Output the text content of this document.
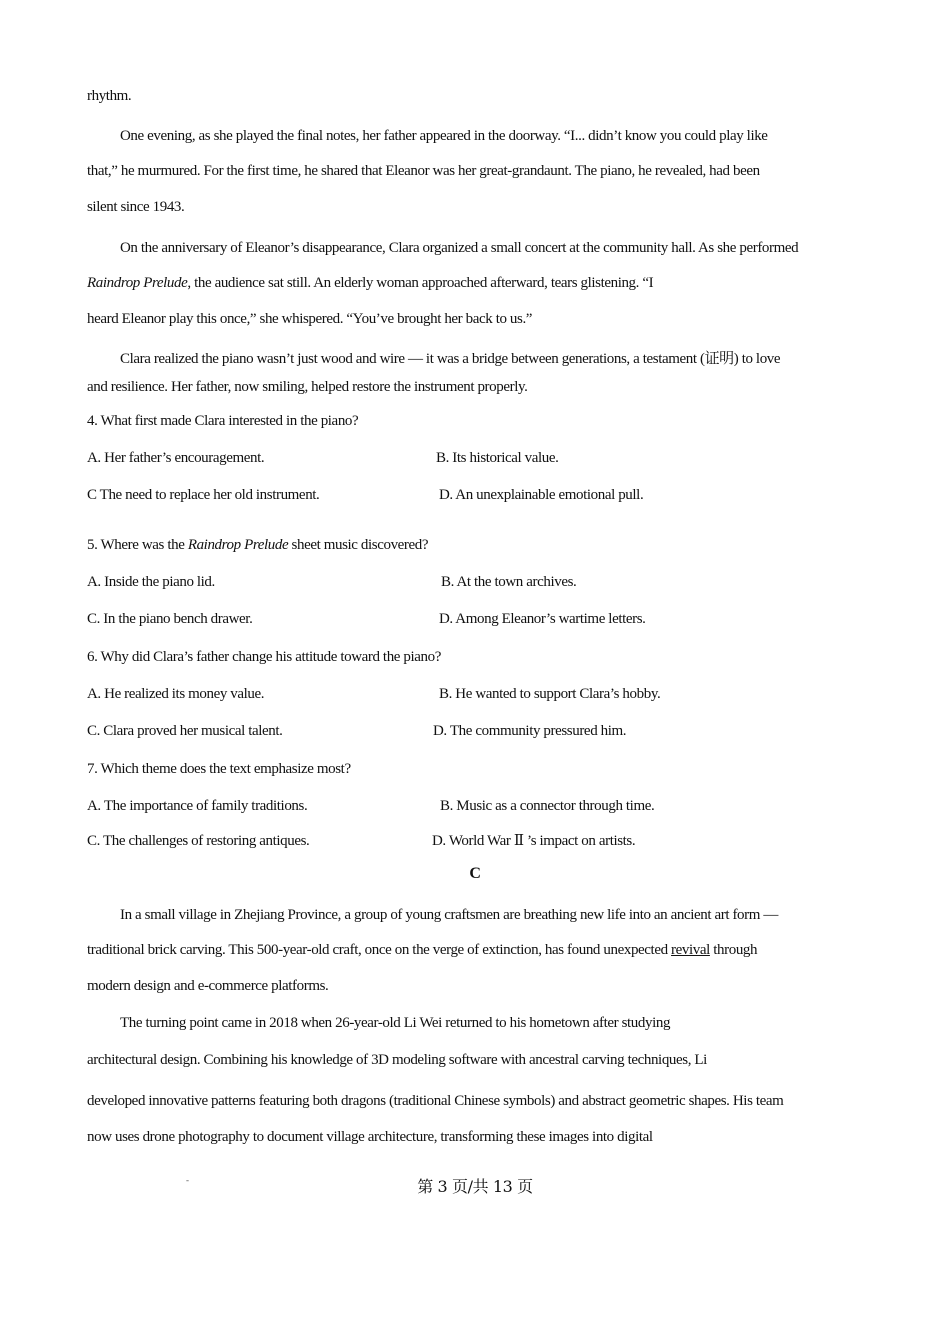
rhythm.

One evening, as she played the final notes, her father appeared in the doorway. “I... didn’t know you could play like

that,” he murmured. For the first time, he shared that Eleanor was her great-grandaunt. The piano, he revealed, had been

silent since 1943.

On the anniversary of Eleanor’s disappearance, Clara organized a small concert at the community hall. As she performed

Raindrop Prelude, the audience sat still. An elderly woman approached afterward, tears glistening. “I

heard Eleanor play this once,” she whispered. “You’ve brought her back to us.”

Clara realized the piano wasn’t just wood and wire — it was a bridge between generations, a testament (证明) to love

and resilience. Her father, now smiling, helped restore the instrument properly.

4. What first made Clara interested in the piano?

A. Her father’s encouragement.	B. Its historical value.

C The need to replace her old instrument.	D. An unexplainable emotional pull.

5. Where was the Raindrop Prelude sheet music discovered?

A. Inside the piano lid.	B. At the town archives.

C. In the piano bench drawer.	D. Among Eleanor’s wartime letters.

6. Why did Clara’s father change his attitude toward the piano?

A. He realized its money value.	B. He wanted to support Clara’s hobby.

C. Clara proved her musical talent.	D. The community pressured him.

7. Which theme does the text emphasize most?

A. The importance of family traditions.	B. Music as a connector through time.

C. The challenges of restoring antiques.	D. World War Ⅱ ’s impact on artists.

C

In a small village in Zhejiang Province, a group of young craftsmen are breathing new life into an ancient art form —

traditional brick carving. This 500-year-old craft, once on the verge of extinction, has found unexpected revival through

modern design and e-commerce platforms.

The turning point came in 2018 when 26-year-old Li Wei returned to his hometown after studying

architectural design. Combining his knowledge of 3D modeling software with ancestral carving techniques, Li

developed innovative patterns featuring both dragons (traditional Chinese symbols) and abstract geometric shapes. His team

now uses drone photography to document village architecture, transforming these images into digital

-	第 3 页/共 13 页
